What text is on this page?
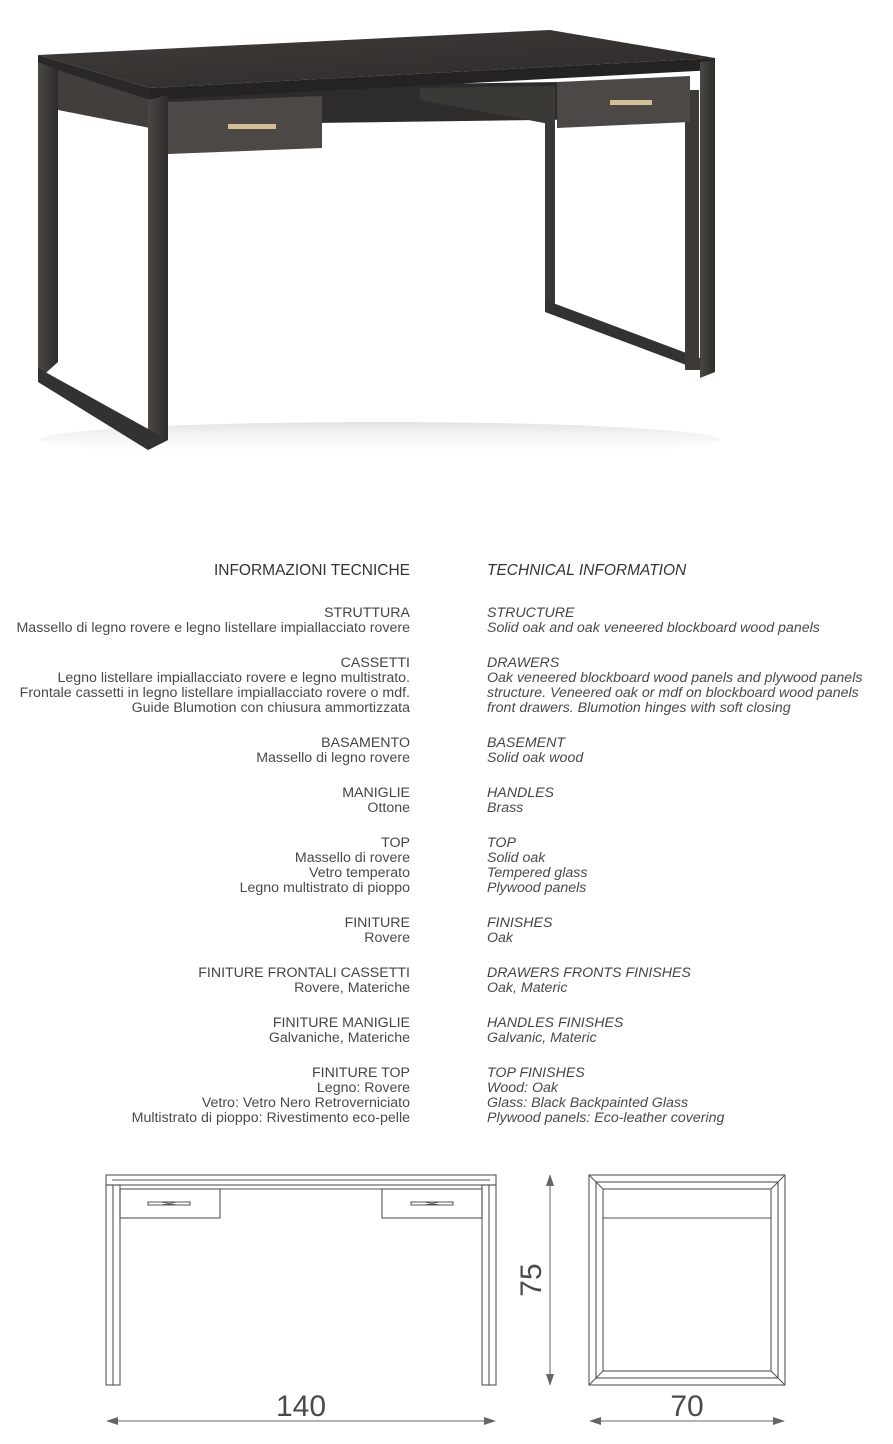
INFORMAZIONI TECNICHE
STRUTTURA
Massello di legno rovere e legno listellare impiallacciato rovere
CASSETTI
Legno listellare impiallacciato rovere e legno multistrato.
Frontale cassetti in legno listellare impiallacciato rovere o mdf.
Guide Blumotion con chiusura ammortizzata
BASAMENTO
Massello di legno rovere
MANIGLIE
Ottone
TOP
Massello di rovere
Vetro temperato
Legno multistrato di pioppo
FINITURE
Rovere
FINITURE FRONTALI CASSETTI
Rovere, Materiche
FINITURE MANIGLIE
Galvaniche, Materiche
FINITURE TOP
Legno: Rovere
Vetro: Vetro Nero Retroverniciato
Multistrato di pioppo: Rivestimento eco-pelle
TECHNICAL INFORMATION
STRUCTURE
Solid oak and oak veneered blockboard wood panels
DRAWERS
Oak veneered blockboard wood panels and plywood panels
structure. Veneered oak or mdf on blockboard wood panels
front drawers. Blumotion hinges with soft closing
BASEMENT
Solid oak wood
HANDLES
Brass
TOP
Solid oak
Tempered glass
Plywood panels
FINISHES
Oak
DRAWERS FRONTS FINISHES
Oak, Materic
HANDLES FINISHES
Galvanic, Materic
TOP FINISHES
Wood: Oak
Glass: Black Backpainted Glass
Plywood panels: Eco-leather covering
140
75
70
